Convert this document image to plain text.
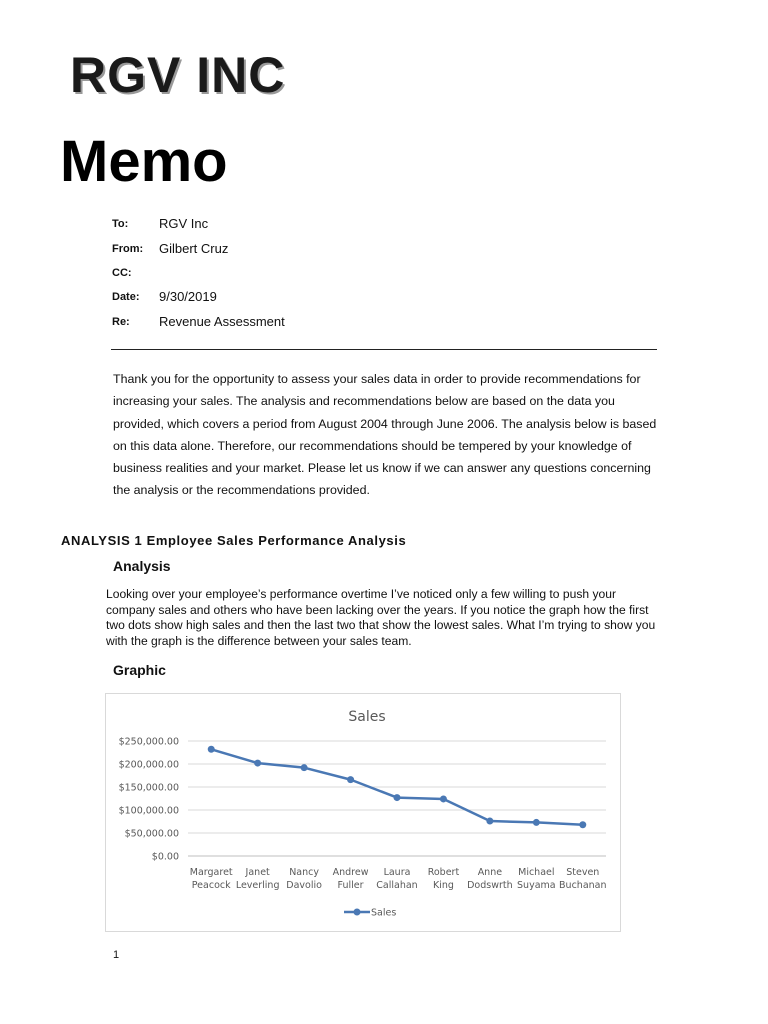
RGV INC
Memo
To:	RGV Inc
From:	Gilbert Cruz
CC:
Date:	9/30/2019
Re:	Revenue Assessment

Thank you for the opportunity to assess your sales data in order to provide recommendations for increasing your sales. The analysis and recommendations below are based on the data you provided, which covers a period from August 2004 through June 2006. The analysis below is based on this data alone. Therefore, our recommendations should be tempered by your knowledge of business realities and your market. Please let us know if we can answer any questions concerning the analysis or the recommendations provided.

ANALYSIS 1 Employee Sales Performance Analysis
Analysis

Looking over your employee’s performance overtime I’ve noticed only a few willing to push your company sales and others who have been lacking over the years. If you notice the graph how the first two dots show high sales and then the last two that show the lowest sales. What I’m trying to show you with the graph is the difference between your sales team.

Graphic
Sales
$0.00
$50,000.00
$100,000.00
$150,000.00
$200,000.00
$250,000.00
Margaret
Peacock
Janet
Leverling
Nancy
Davolio
Andrew
Fuller
Laura
Callahan
Robert
King
Anne
Dodswrth
Michael
Suyama
Steven
Buchanan
Sales
1
